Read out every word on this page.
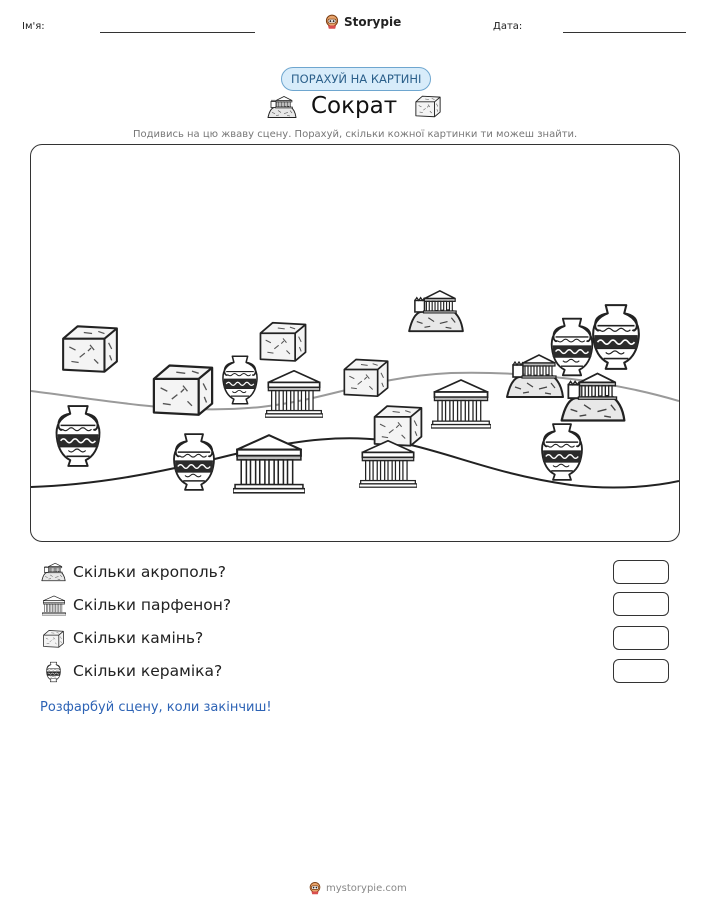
Ім'я:	Storypie	Дата:
ПОРАХУЙ НА КАРТИНІ
Сократ
Подивись на цю жваву сцену. Порахуй, скільки кожної картинки ти можеш знайти.
Скільки акрополь?
Скільки парфенон?
Скільки камінь?
Скільки кераміка?
Розфарбуй сцену, коли закінчиш!
mystorypie.com
